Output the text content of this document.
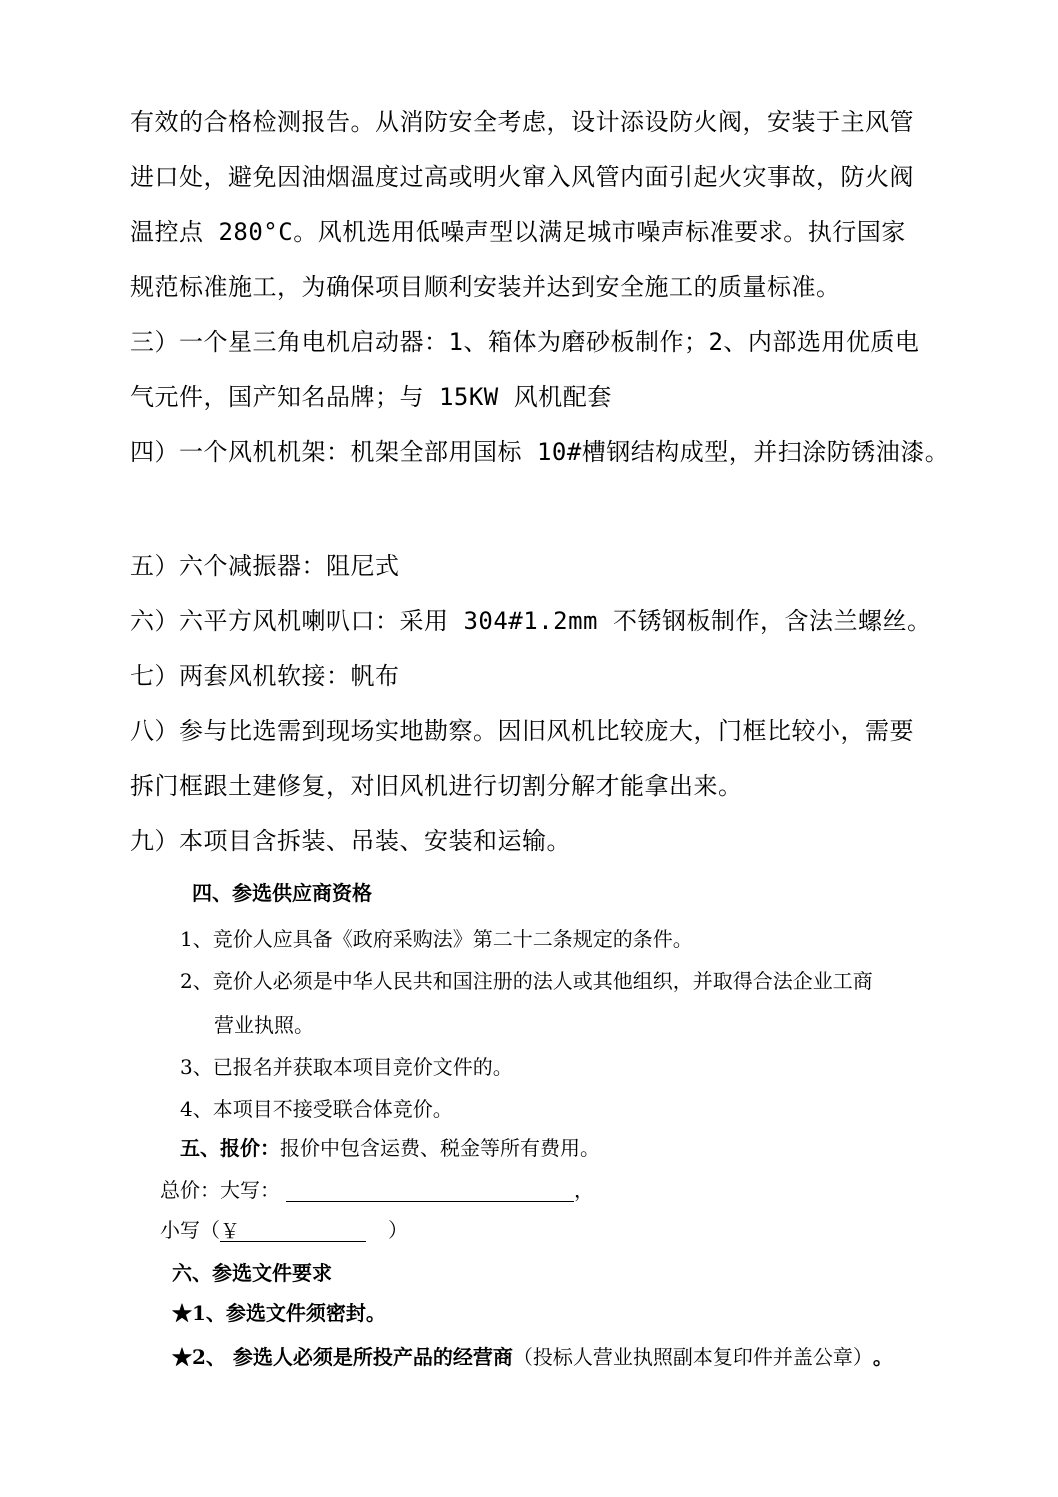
有效的合格检测报告。从消防安全考虑，设计添设防火阀，安装于主风管
进口处，避免因油烟温度过高或明火窜入风管内面引起火灾事故，防火阀
温控点 280°C。风机选用低噪声型以满足城市噪声标准要求。执行国家
规范标准施工，为确保项目顺利安装并达到安全施工的质量标准。
三）一个星三角电机启动器：1、箱体为磨砂板制作；2、内部选用优质电
气元件，国产知名品牌；与 15KW 风机配套
四）一个风机机架：机架全部用国标 10#槽钢结构成型，并扫涂防锈油漆。
五）六个减振器：阻尼式
六）六平方风机喇叭口：采用 304#1.2mm 不锈钢板制作，含法兰螺丝。
七）两套风机软接：帆布
八）参与比选需到现场实地勘察。因旧风机比较庞大，门框比较小，需要
拆门框跟土建修复，对旧风机进行切割分解才能拿出来。
九）本项目含拆装、吊装、安装和运输。

四、参选供应商资格

1、竞价人应具备《政府采购法》第二十二条规定的条件。

2、竞价人必须是中华人民共和国注册的法人或其他组织，并取得合法企业工商

营业执照。

3、已报名并获取本项目竞价文件的。

4、本项目不接受联合体竞价。

五、报价：报价中包含运费、税金等所有费用。

总价：大写：	，

小写（￥	）

六、参选文件要求

★1、参选文件须密封。

★2、 参选人必须是所投产品的经营商（投标人营业执照副本复印件并盖公章） 。
